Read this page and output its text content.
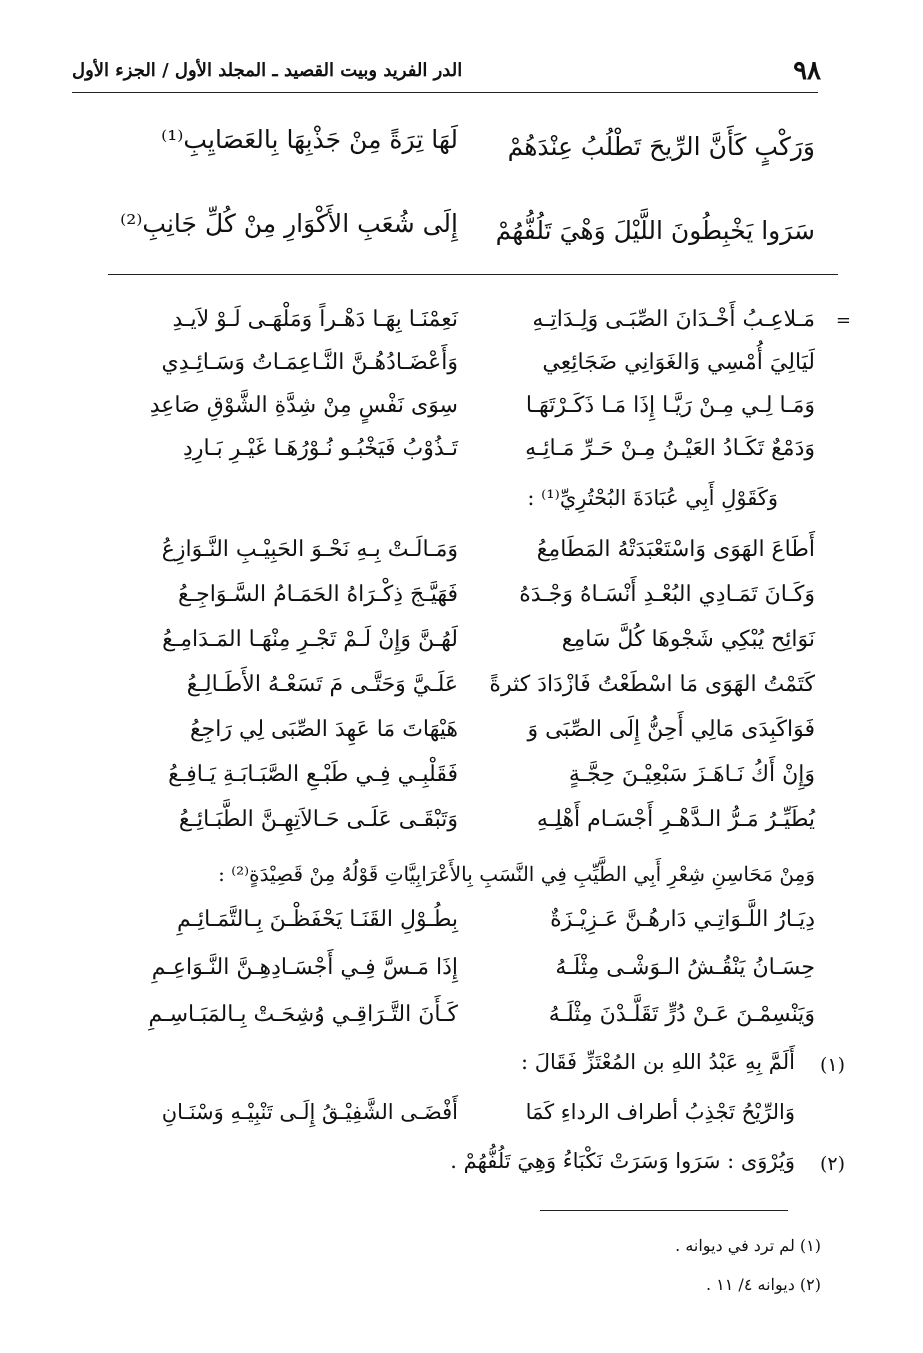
٩٨
الدر الفريد وبيت القصيد ـ المجلد الأول / الجزء الأول
وَرَكْبٍ كَأَنَّ الرِّيحَ تَطْلُبُ عِنْدَهُمْ
لَهَا تِرَةً مِنْ جَذْبِهَا بِالعَصَايِبِ⁽¹⁾
سَرَوا يَخْبِطُونَ اللَّيْلَ وَهْيَ تَلُفُّهُمْ
إِلَى شُعَبِ الأَكْوَارِ مِنْ كُلِّ جَانِبِ⁽²⁾
=
مَـلاعِـبُ أَخْـدَانَ الصِّبَـى وَلِـدَاتِـهِ
نَعِمْنَـا بِهَـا دَهْـراً وَمَلْهَـى لَـوْ لاَيـدِ
لَيَالِيَ أُمْسِي وَالغَوَانِي ضَجَائِعِي
وَأَعْضَـادُهُـنَّ النَّـاعِمَـاتُ وَسَـائِـدِي
وَمَـا لِـي مِـنْ رَيَّـا إِذَا مَـا ذَكَـرْتَهَـا
سِوَى نَفْسٍ مِنْ شِدَّةِ الشَّوْقِ صَاعِدِ
وَدَمْعٌ تَكَـادُ العَيْـنُ مِـنْ حَـرِّ مَـائِـهِ
تَـذُوْبُ فَيَخْبُـو نُـوْرُهَـا غَيْـرِ بَـارِدِ
وَكَقَوْلِ أَبِي عُبَادَةَ البُحْتُرِيِّ⁽¹⁾ :
أَطَاعَ الهَوَى وَاسْتَعْبَدَتْهُ المَطَامِعُ
وَمَـالَـتْ بِـهِ نَحْـوَ الحَبِيْـبِ النَّـوَازِعُ
وَكَـانَ تَمَـادِي البُعْـدِ أَنْسَـاهُ وَجْـدَهُ
فَهَيَّـجَ ذِكْـرَاهُ الحَمَـامُ السَّـوَاجِـعُ
نَوَائِح يُبْكِي شَجْوهَا كُلَّ سَامِع
لَهُـنَّ وَإِنْ لَـمْ تَجْـرِ مِنْهَـا المَـدَامِـعُ
كَتَمْتُ الهَوَى مَا اسْطَعْتُ فَازْدَادَ كثرةً
عَلَـيَّ وَحَتَّـى مَ تَسَعْـهُ الأَطَـالِـعُ
فَوَاكَبِدَى مَالِي أَحِنُّ إِلَى الصِّبَى وَ
هَيْهَاتَ مَا عَهِدَ الصِّبَى لِي رَاجِعُ
وَإِنْ أَكُ نَـاهَـزَ سَبْعِيْـنَ حِجَّـةٍ
فَقَلْبِـي فِـي طَبْـعِ الصَّبَـابَـةِ يَـافِـعُ
يُطَيِّـرُ مَـرُّ الـدَّهْـرِ أَجْسَـام أَهْلِـهِ
وَتَبْقَـى عَلَـى حَـالاَتِهِـنَّ الطَّبَـائِـعُ
وَمِنْ مَحَاسِنِ شِعْرِ أَبِي الطَّيِّبِ فِي النَّسَبِ بِالأَعْرَابِيَّاتِ قَوْلُهُ مِنْ قَصِيْدَةٍ⁽²⁾ :
دِيَـارُ اللَّـوَاتِـي دَارهُـنَّ عَـزِيْـزَةٌ
بِطُـوْلِ القَنَـا يَحْفَظْـنَ بِـالتَّمَـائِـمِ
حِسَـانُ يَنْقُـشُ الـوَشْـى مِثْلَـهُ
إِذَا مَـسَّ فِـي أَجْسَـادِهِـنَّ النَّـوَاعِـمِ
وَيَنْسِمْـنَ عَـنْ دُرٍّ تَقَلَّـدْنَ مِثْلَـهُ
كَـأَنَ التَّـرَاقِـي وُشِحَـتْ بِـالمَبَـاسِـمِ
(١)
أَلَمَّ بِهِ عَبْدُ اللهِ بن المُعْتَزِّ فَقَالَ :
وَالرِّيْحُ تَجْذِبُ أطراف الرداءِ كَمَا
أَفْضَـى الشَّفِيْـقُ إِلَـى تَنْبِيْـهِ وَسْنَـانِ
(٢)
وَيُرْوَى : سَرَوا وَسَرَتْ نَكْبَاءُ وَهِيَ تَلُفُّهُمْ .
(١) لم ترد في ديوانه .
(٢) ديوانه ٤/ ١١ .
